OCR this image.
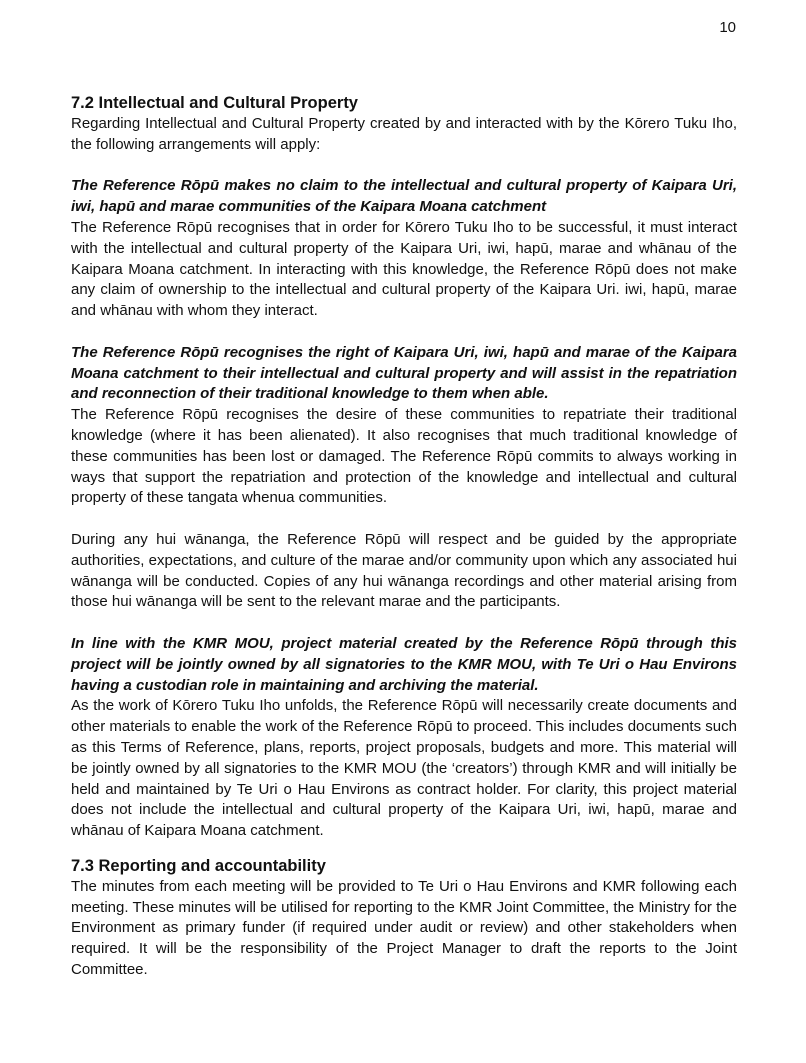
10
7.2 Intellectual and Cultural Property

Regarding Intellectual and Cultural Property created by and interacted with by the Kōrero Tuku Iho, the following arrangements will apply:

The Reference Rōpū makes no claim to the intellectual and cultural property of Kaipara Uri, iwi, hapū and marae communities of the Kaipara Moana catchment

The Reference Rōpū recognises that in order for Kōrero Tuku Iho to be successful, it must interact with the intellectual and cultural property of the Kaipara Uri, iwi, hapū, marae and whānau of the Kaipara Moana catchment. In interacting with this knowledge, the Reference Rōpū does not make any claim of ownership to the intellectual and cultural property of the Kaipara Uri. iwi, hapū, marae and whānau with whom they interact.

The Reference Rōpū recognises the right of Kaipara Uri, iwi, hapū and marae of the Kaipara Moana catchment to their intellectual and cultural property and will assist in the repatriation and reconnection of their traditional knowledge to them when able.

The Reference Rōpū recognises the desire of these communities to repatriate their traditional knowledge (where it has been alienated). It also recognises that much traditional knowledge of these communities has been lost or damaged. The Reference Rōpū commits to always working in ways that support the repatriation and protection of the knowledge and intellectual and cultural property of these tangata whenua communities.

During any hui wānanga, the Reference Rōpū will respect and be guided by the appropriate authorities, expectations, and culture of the marae and/or community upon which any associated hui wānanga will be conducted. Copies of any hui wānanga recordings and other material arising from those hui wānanga will be sent to the relevant marae and the participants.

In line with the KMR MOU, project material created by the Reference Rōpū through this project will be jointly owned by all signatories to the KMR MOU, with Te Uri o Hau Environs having a custodian role in maintaining and archiving the material.

As the work of Kōrero Tuku Iho unfolds, the Reference Rōpū will necessarily create documents and other materials to enable the work of the Reference Rōpū to proceed. This includes documents such as this Terms of Reference, plans, reports, project proposals, budgets and more. This material will be jointly owned by all signatories to the KMR MOU (the ‘creators’) through KMR and will initially be held and maintained by Te Uri o Hau Environs as contract holder. For clarity, this project material does not include the intellectual and cultural property of the Kaipara Uri, iwi, hapū, marae and whānau of Kaipara Moana catchment.

7.3 Reporting and accountability

The minutes from each meeting will be provided to Te Uri o Hau Environs and KMR following each meeting. These minutes will be utilised for reporting to the KMR Joint Committee, the Ministry for the Environment as primary funder (if required under audit or review) and other stakeholders when required. It will be the responsibility of the Project Manager to draft the reports to the Joint Committee.
